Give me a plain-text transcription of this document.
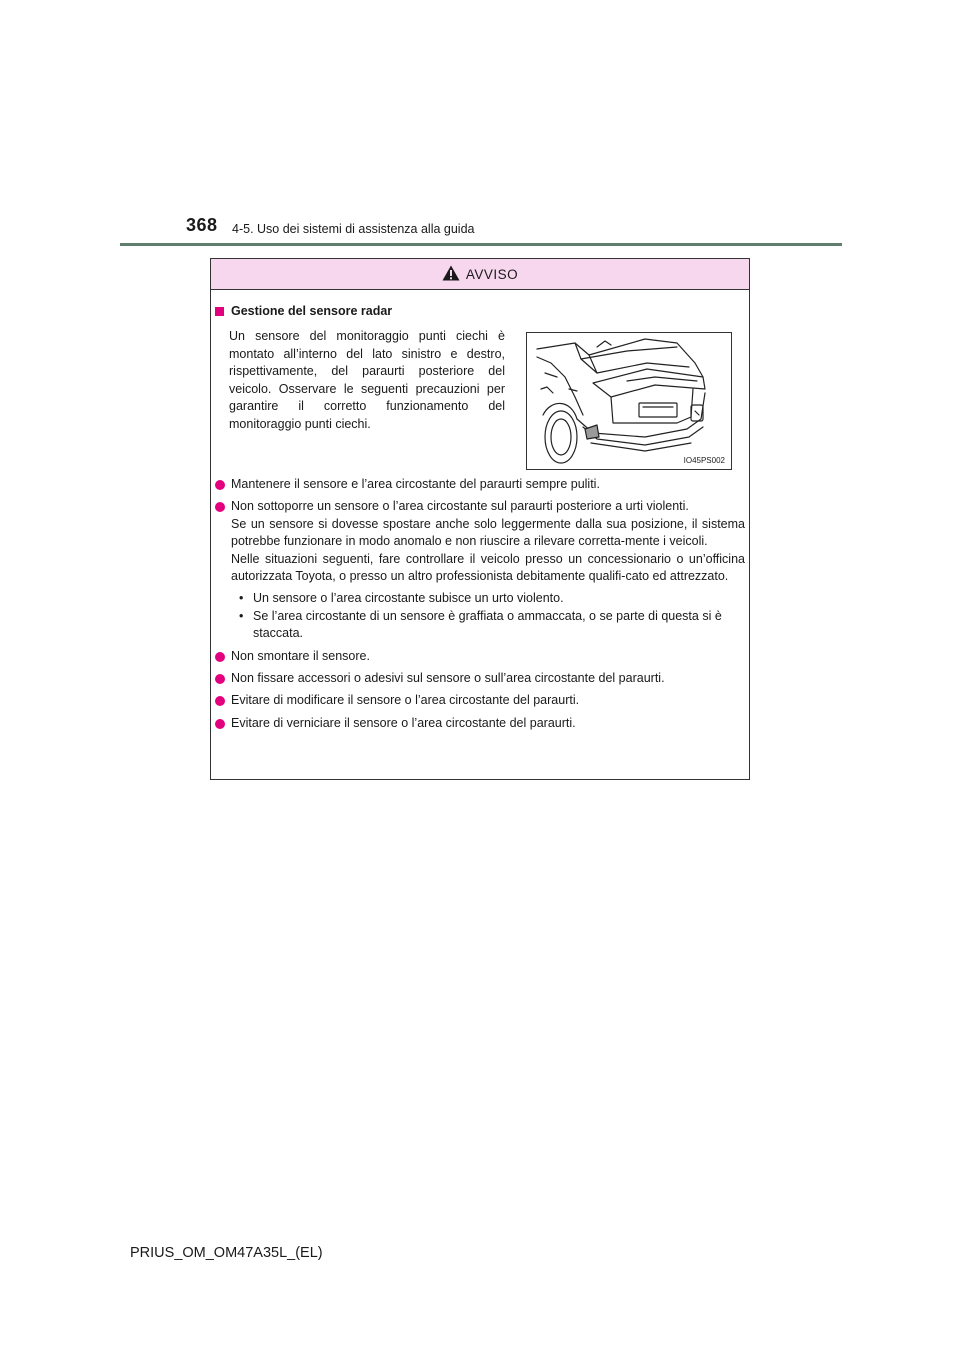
368 4-5. Uso dei sistemi di assistenza alla guida
AVVISO
Gestione del sensore radar

Un sensore del monitoraggio punti ciechi è montato all’interno del lato sinistro e destro, rispettivamente, del paraurti posteriore del veicolo. Osservare le seguenti precauzioni per garantire il corretto funzionamento del monitoraggio punti ciechi.

IO45PS002

Mantenere il sensore e l’area circostante del paraurti sempre puliti.

Non sottoporre un sensore o l’area circostante sul paraurti posteriore a urti violenti.

Se un sensore si dovesse spostare anche solo leggermente dalla sua posizione, il sistema potrebbe funzionare in modo anomalo e non riuscire a rilevare corretta-mente i veicoli.

Nelle situazioni seguenti, fare controllare il veicolo presso un concessionario o un’officina autorizzata Toyota, o presso un altro professionista debitamente qualifi-cato ed attrezzato.

• Un sensore o l’area circostante subisce un urto violento.
• Se l’area circostante di un sensore è graffiata o ammaccata, o se parte di questa si è staccata.

Non smontare il sensore.

Non fissare accessori o adesivi sul sensore o sull’area circostante del paraurti.

Evitare di modificare il sensore o l’area circostante del paraurti.

Evitare di verniciare il sensore o l’area circostante del paraurti.

PRIUS_OM_OM47A35L_(EL)
